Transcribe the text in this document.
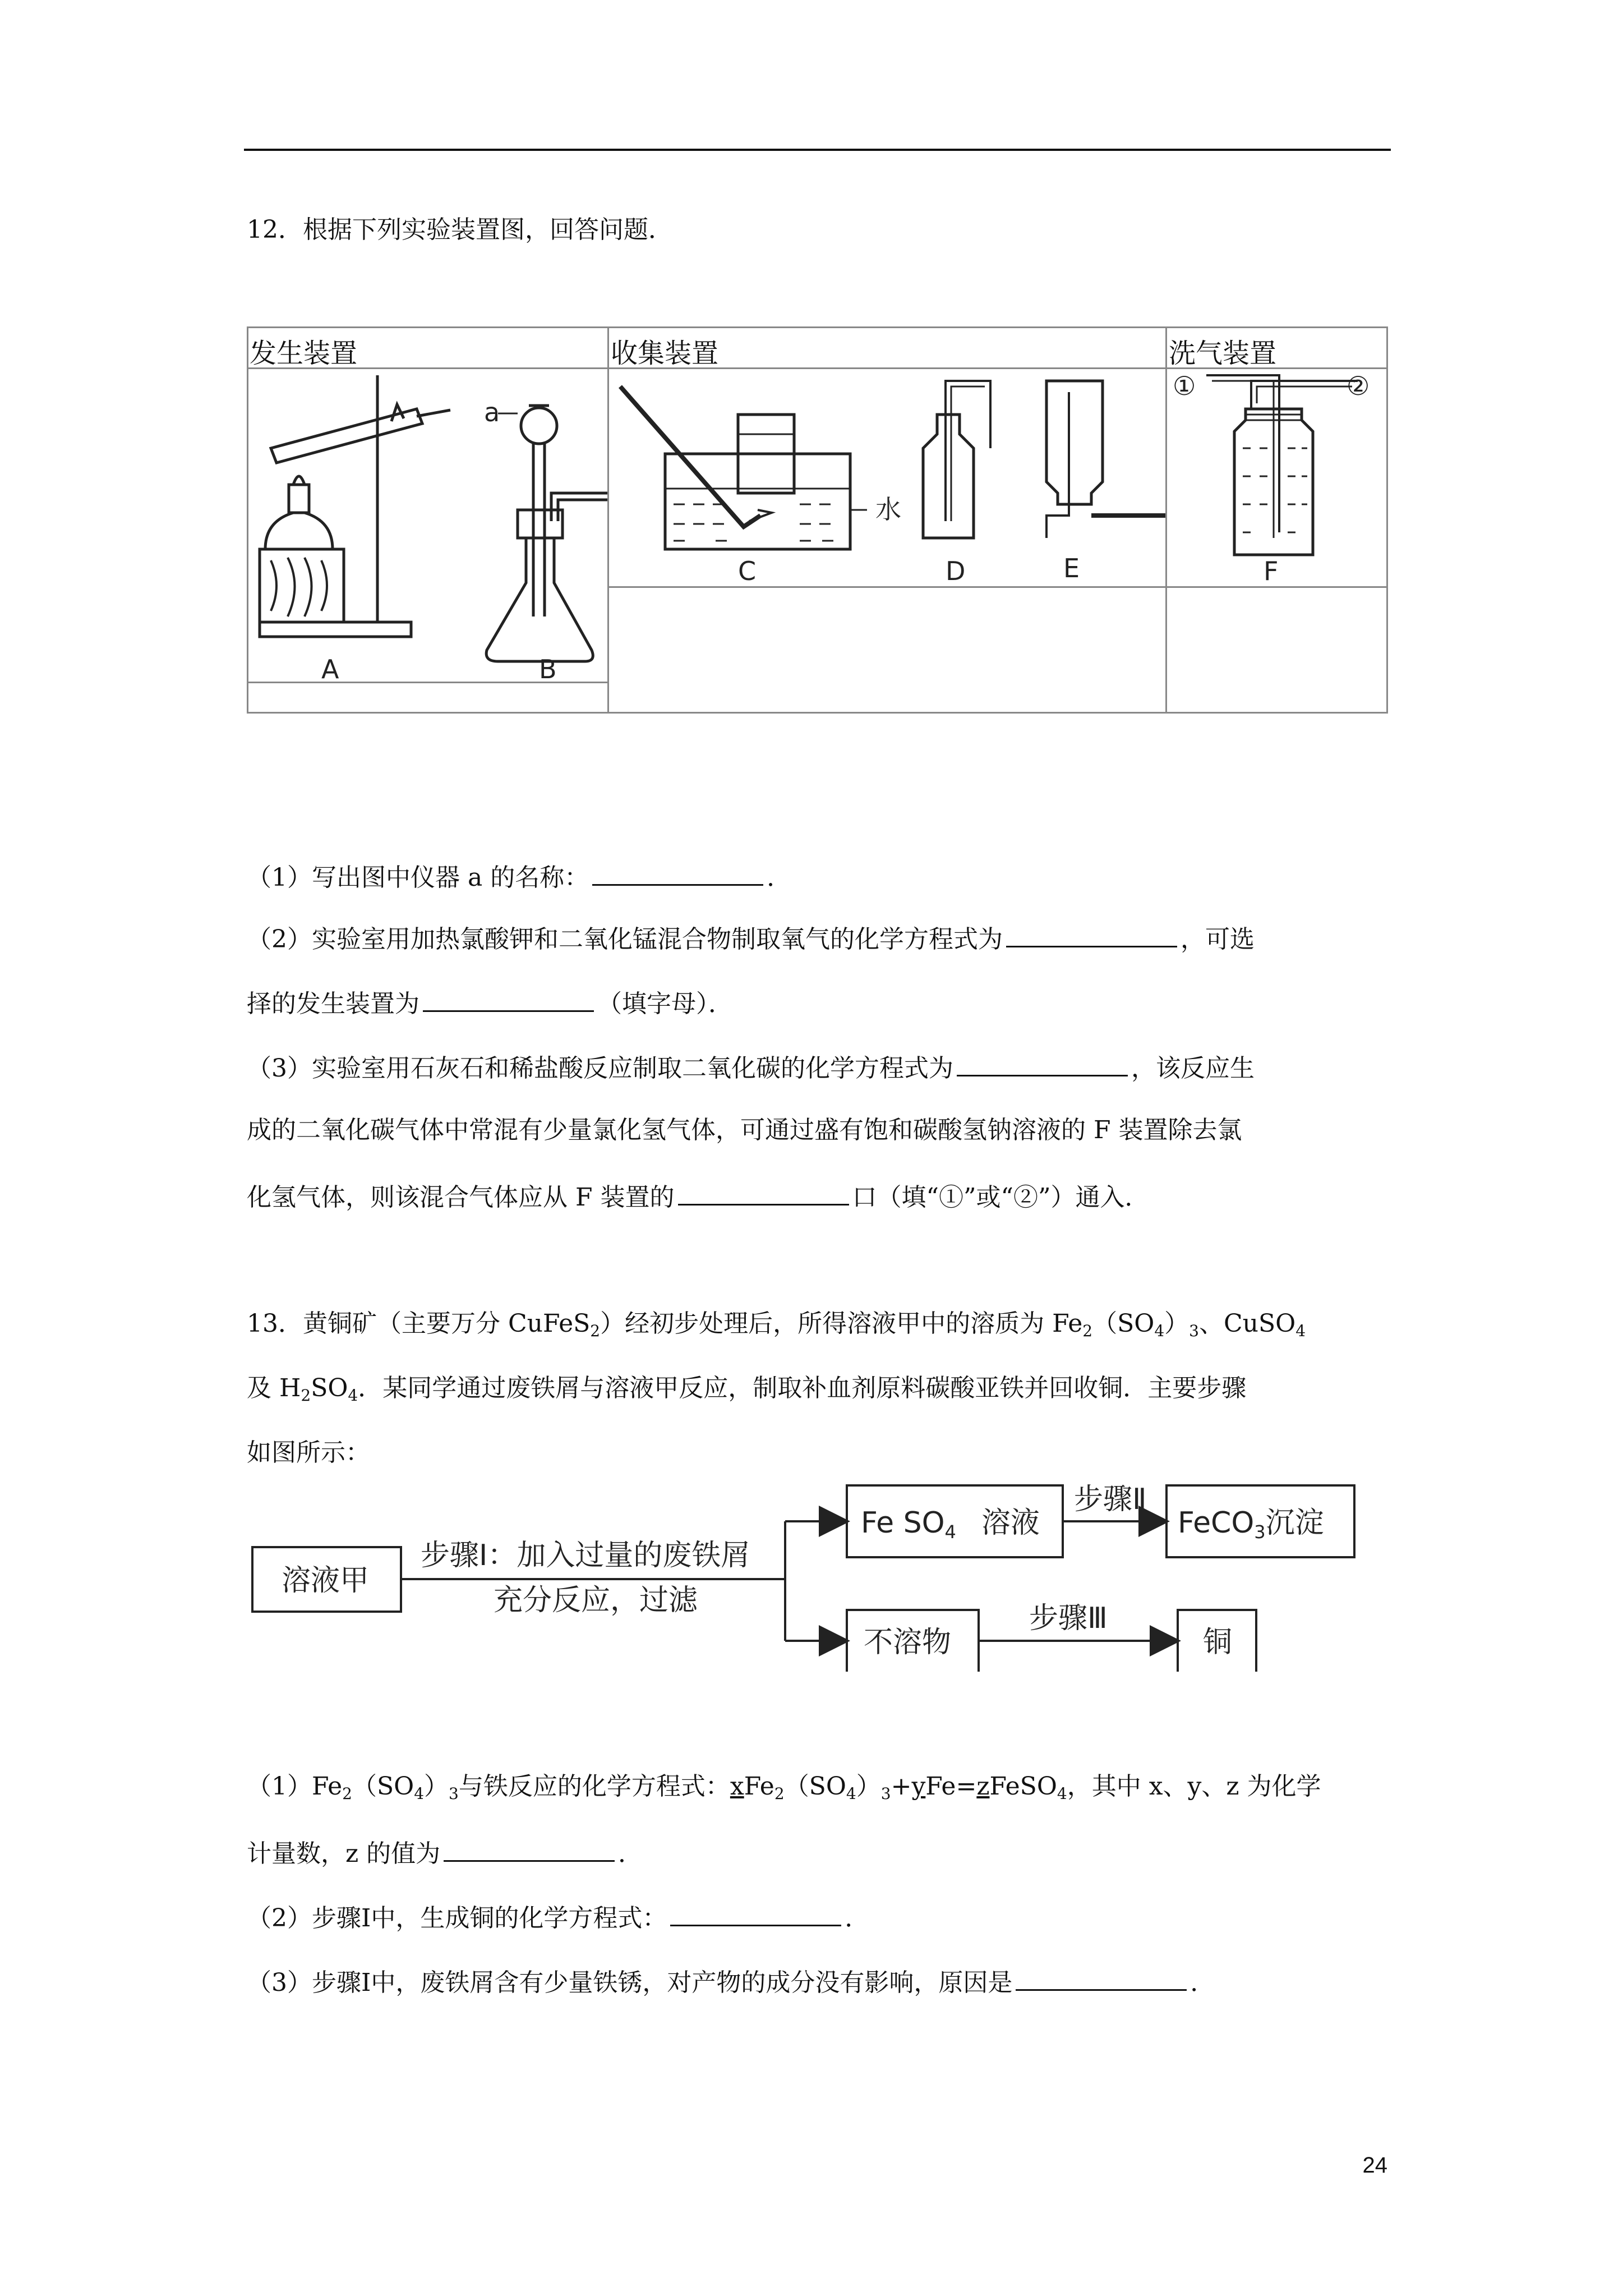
12．根据下列实验装置图，回答问题．
发生装置	收集装置	洗气装置
a
A	B
水
C	D	E
①	②
F
（1）写出图中仪器 a 的名称：	．
（2）实验室用加热氯酸钾和二氧化锰混合物制取氧气的化学方程式为	，可选
择的发生装置为	（填字母）．
（3）实验室用石灰石和稀盐酸反应制取二氧化碳的化学方程式为	，该反应生
成的二氧化碳气体中常混有少量氯化氢气体，可通过盛有饱和碳酸氢钠溶液的 F 装置除去氯
化氢气体，则该混合气体应从 F 装置的	口（填“①”或“②”）通入．
13．黄铜矿（主要万分 CuFeS$_2$）经初步处理后，所得溶液甲中的溶质为 $Fe_2(SO_4)_3$、CuSO$_4$
及 $H_2SO_4$．某同学通过废铁屑与溶液甲反应，制取补血剂原料碳酸亚铁并回收铜．主要步骤
如图所示：
溶液甲
步骤Ⅰ：加入过量的废铁屑
充分反应，过滤
Fe SO4 溶液
步骤Ⅱ
FeCO3沉淀
不溶物
步骤Ⅲ
铜
$(1)Fe_2(SO_4)_3$与铁反应的化学方程式：$xFe_2(SO_4)_3+yFe=zFeSO_4$，其中 x、y、z 为化学
计量数，z 的值为	．
（2）步骤Ⅰ中，生成铜的化学方程式：	．
（3）步骤Ⅰ中，废铁屑含有少量铁锈，对产物的成分没有影响，原因是	．
24
